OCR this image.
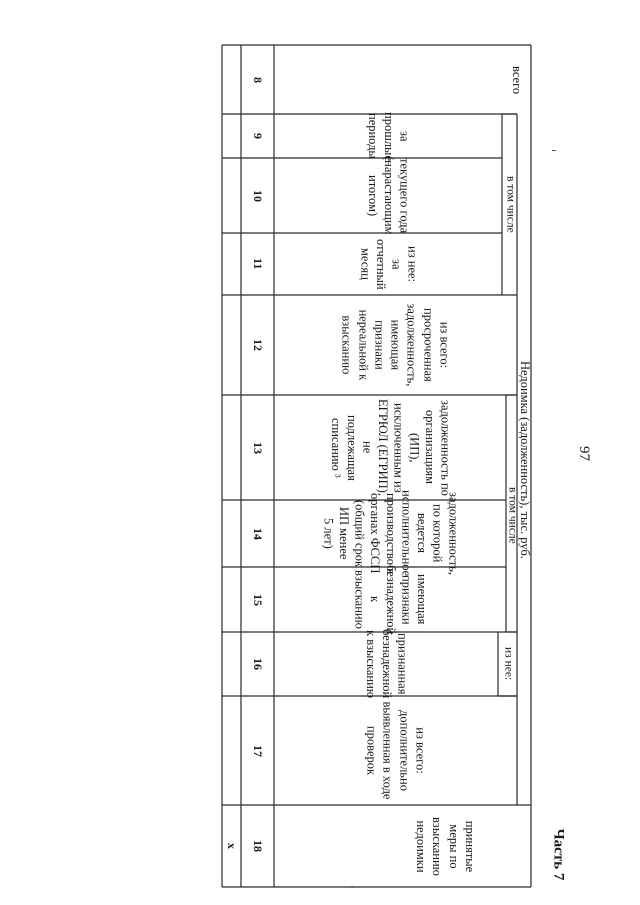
97
Часть 7
Недоимка (задолженность), тыс. руб.
всего
в том числе
за прошлые периоды
текущего года
(нарастающим итогом)
из нее:
за отчетный месяц
из всего:
просроченная
задолженность,
имеющая
признаки
нереальной к
взысканию
в том числе
задолженность по организациям (ИП),
исключенным из ЕГРЮЛ (ЕГРИП), не
подлежащая списанию ³
задолженность, по которой ведется
исполнительное производство в
органах ФССП (общий срок ИП менее
5 лет)
имеющая признаки безнадежной к
взысканию
из нее:
признанная безнадежной к взысканию
из всего:
дополнительно
выявленная в ходе
проверок
принятые
меры по
взысканию
недоимки
8
9
10
11
12
13
14
15
16
17
18
х
